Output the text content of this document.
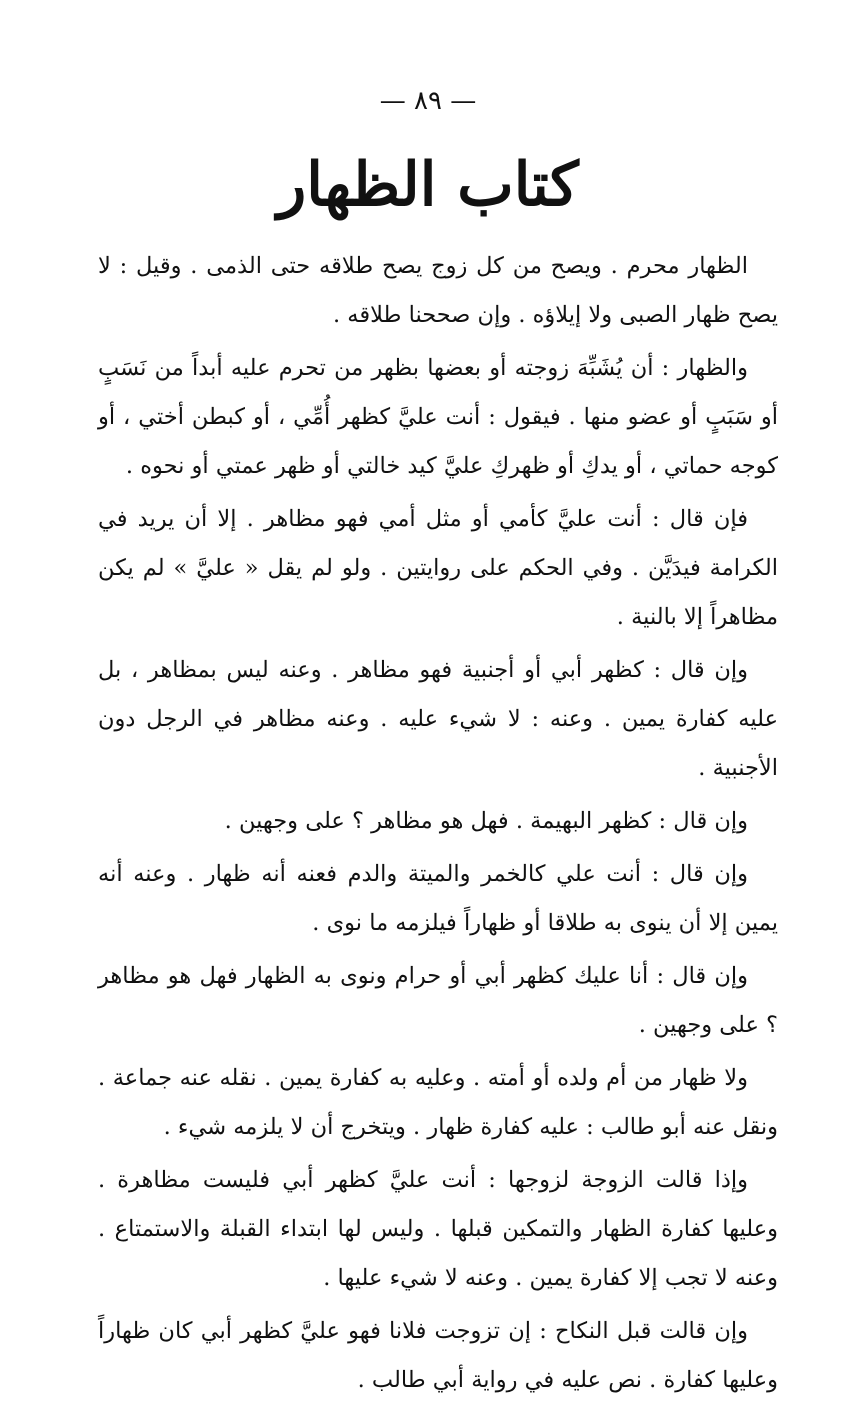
— ٨٩ —
كتاب الظهار

الظهار محرم . ويصح من كل زوج يصح طلاقه حتى الذمى . وقيل : لا يصح ظهار الصبى ولا إيلاؤه . وإن صححنا طلاقه .

والظهار : أن يُشَبِّهَ زوجته أو بعضها بظهر من تحرم عليه أبداً من نَسَبٍ أو سَبَبٍ أو عضو منها . فيقول : أنت عليَّ كظهر أُمِّي ، أو كبطن أختي ، أو كوجه حماتي ، أو يدكِ أو ظهركِ عليَّ كيد خالتي أو ظهر عمتي أو نحوه .

فإن قال : أنت عليَّ كأمي أو مثل أمي فهو مظاهر . إلا أن يريد في الكرامة فيدَيَّن . وفي الحكم على روايتين . ولو لم يقل « عليَّ » لم يكن مظاهراً إلا بالنية .

وإن قال : كظهر أبي أو أجنبية فهو مظاهر . وعنه ليس بمظاهر ، بل عليه كفارة يمين . وعنه : لا شيء عليه . وعنه مظاهر في الرجل دون الأجنبية .

وإن قال : كظهر البهيمة . فهل هو مظاهر ؟ على وجهين .

وإن قال : أنت علي كالخمر والميتة والدم فعنه أنه ظهار . وعنه أنه يمين إلا أن ينوى به طلاقا أو ظهاراً فيلزمه ما نوى .

وإن قال : أنا عليك كظهر أبي أو حرام ونوى به الظهار فهل هو مظاهر ؟ على وجهين .

ولا ظهار من أم ولده أو أمته . وعليه به كفارة يمين . نقله عنه جماعة . ونقل عنه أبو طالب : عليه كفارة ظهار . ويتخرج أن لا يلزمه شيء .

وإذا قالت الزوجة لزوجها : أنت عليَّ كظهر أبي فليست مظاهرة . وعليها كفارة الظهار والتمكين قبلها . وليس لها ابتداء القبلة والاستمتاع . وعنه لا تجب إلا كفارة يمين . وعنه لا شيء عليها .

وإن قالت قبل النكاح : إن تزوجت فلانا فهو عليَّ كظهر أبي كان ظهاراً وعليها كفارة . نص عليه في رواية أبي طالب .
